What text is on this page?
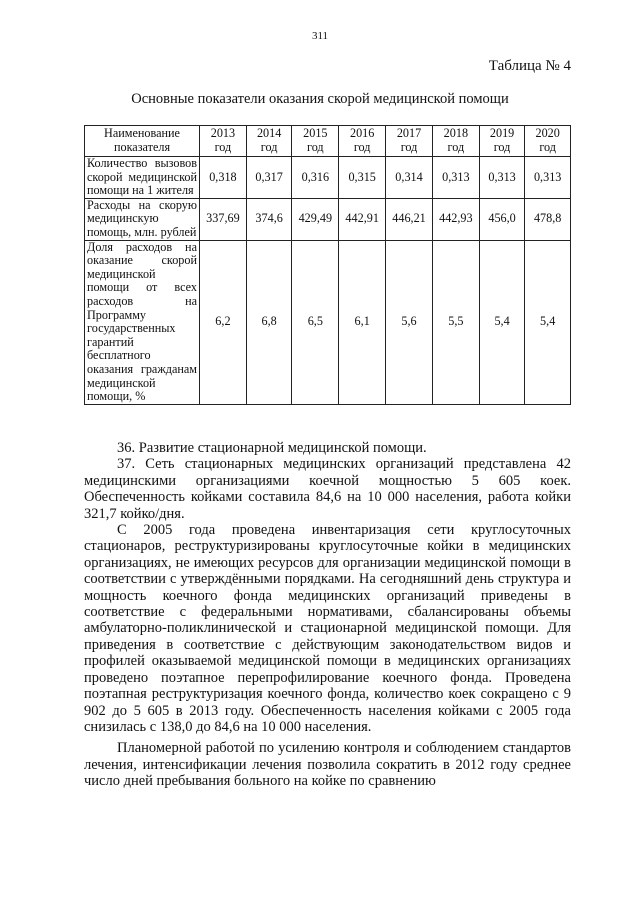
311
Таблица № 4
Основные показатели оказания скорой медицинской помощи
Наименование показателя	2013 год	2014 год	2015 год	2016 год	2017 год	2018 год	2019 год	2020 год
Количество вызовов скорой медицинской помощи на 1 жителя	0,318	0,317	0,316	0,315	0,314	0,313	0,313	0,313
Расходы на скорую медицинскую помощь, млн. рублей	337,69	374,6	429,49	442,91	446,21	442,93	456,0	478,8
Доля расходов на оказание скорой медицинской помощи от всех расходов на Программу государственных гарантий бесплатного оказания гражданам медицинской помощи, %	6,2	6,8	6,5	6,1	5,6	5,5	5,4	5,4

36. Развитие стационарной медицинской помощи.

37. Сеть стационарных медицинских организаций представлена 42 медицинскими организациями коечной мощностью 5 605 коек. Обеспеченность койками составила 84,6 на 10 000 населения, работа койки 321,7 койко/дня.

С 2005 года проведена инвентаризация сети круглосуточных стационаров, реструктуризированы круглосуточные койки в медицинских организациях, не имеющих ресурсов для организации медицинской помощи в соответствии с утверждёнными порядками. На сегодняшний день структура и мощность коечного фонда медицинских организаций приведены в соответствие с федеральными нормативами, сбалансированы объемы амбулаторно-поликлинической и стационарной медицинской помощи. Для приведения в соответствие с действующим законодательством видов и профилей оказываемой медицинской помощи в медицинских организациях проведено поэтапное перепрофилирование коечного фонда. Проведена поэтапная реструктуризация коечного фонда, количество коек сокращено с 9 902 до 5 605 в 2013 году. Обеспеченность населения койками с 2005 года снизилась с 138,0 до 84,6 на 10 000 населения.

Планомерной работой по усилению контроля и соблюдением стандартов лечения, интенсификации лечения позволила сократить в 2012 году среднее число дней пребывания больного на койке по сравнению
